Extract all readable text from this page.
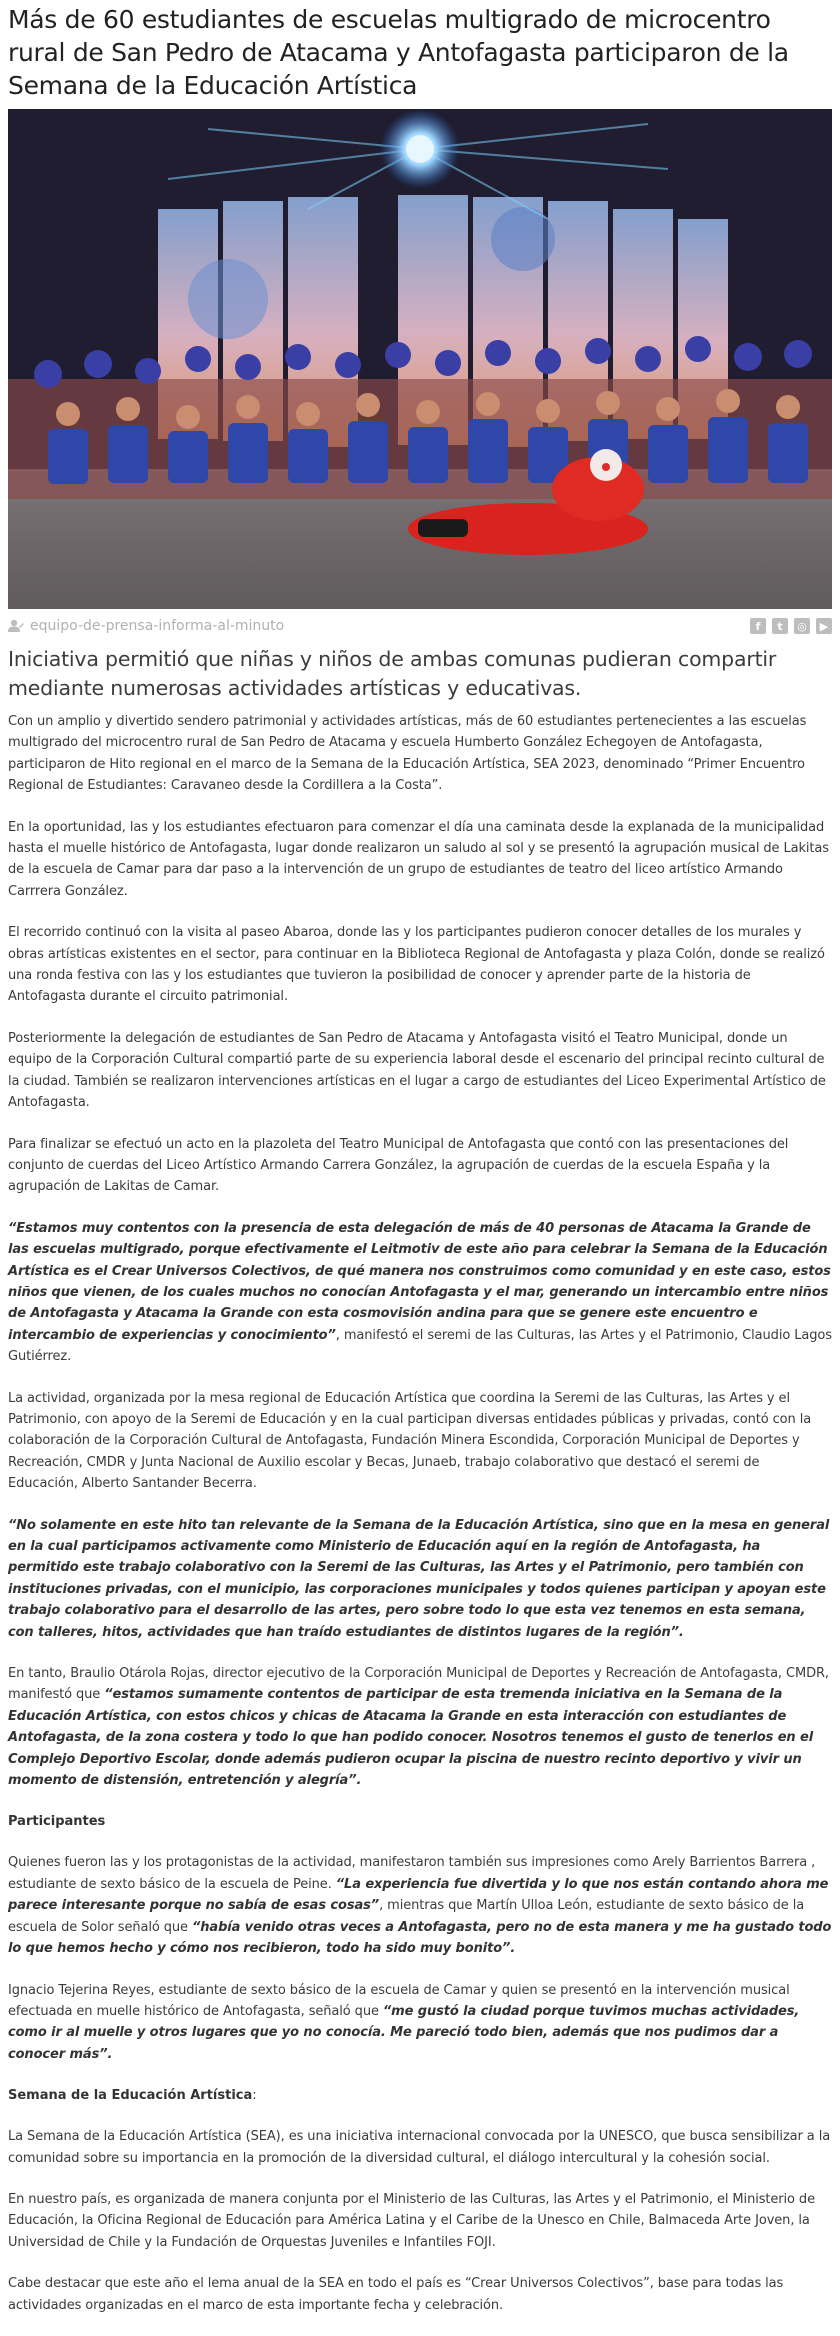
Más de 60 estudiantes de escuelas multigrado de microcentro rural de San Pedro de Atacama y Antofagasta participaron de la Semana de la Educación Artística
equipo-de-prensa-informa-al-minuto	f	t	◎	▶
Iniciativa permitió que niñas y niños de ambas comunas pudieran compartir mediante numerosas actividades artísticas y educativas.

Con un amplio y divertido sendero patrimonial y actividades artísticas, más de 60 estudiantes pertenecientes a las escuelas multigrado del microcentro rural de San Pedro de Atacama y escuela Humberto González Echegoyen de Antofagasta, participaron de Hito regional en el marco de la Semana de la Educación Artística, SEA 2023, denominado “Primer Encuentro Regional de Estudiantes: Caravaneo desde la Cordillera a la Costa”.

En la oportunidad, las y los estudiantes efectuaron para comenzar el día una caminata desde la explanada de la municipalidad hasta el muelle histórico de Antofagasta, lugar donde realizaron un saludo al sol y se presentó la agrupación musical de Lakitas de la escuela de Camar para dar paso a la intervención de un grupo de estudiantes de teatro del liceo artístico Armando Carrrera González.

El recorrido continuó con la visita al paseo Abaroa, donde las y los participantes pudieron conocer detalles de los murales y obras artísticas existentes en el sector, para continuar en la Biblioteca Regional de Antofagasta y plaza Colón, donde se realizó una ronda festiva con las y los estudiantes que tuvieron la posibilidad de conocer y aprender parte de la historia de Antofagasta durante el circuito patrimonial.

Posteriormente la delegación de estudiantes de San Pedro de Atacama y Antofagasta visitó el Teatro Municipal, donde un equipo de la Corporación Cultural compartió parte de su experiencia laboral desde el escenario del principal recinto cultural de la ciudad. También se realizaron intervenciones artísticas en el lugar a cargo de estudiantes del Liceo Experimental Artístico de Antofagasta.

Para finalizar se efectuó un acto en la plazoleta del Teatro Municipal de Antofagasta que contó con las presentaciones del conjunto de cuerdas del Liceo Artístico Armando Carrera González, la agrupación de cuerdas de la escuela España y la agrupación de Lakitas de Camar.

“Estamos muy contentos con la presencia de esta delegación de más de 40 personas de Atacama la Grande de las escuelas multigrado, porque efectivamente el Leitmotiv de este año para celebrar la Semana de la Educación Artística es el Crear Universos Colectivos, de qué manera nos construimos como comunidad y en este caso, estos niños que vienen, de los cuales muchos no conocían Antofagasta y el mar, generando un intercambio entre niños de Antofagasta y Atacama la Grande con esta cosmovisión andina para que se genere este encuentro e intercambio de experiencias y conocimiento”, manifestó el seremi de las Culturas, las Artes y el Patrimonio, Claudio Lagos Gutiérrez.

La actividad, organizada por la mesa regional de Educación Artística que coordina la Seremi de las Culturas, las Artes y el Patrimonio, con apoyo de la Seremi de Educación y en la cual participan diversas entidades públicas y privadas, contó con la colaboración de la Corporación Cultural de Antofagasta, Fundación Minera Escondida, Corporación Municipal de Deportes y Recreación, CMDR y Junta Nacional de Auxilio escolar y Becas, Junaeb, trabajo colaborativo que destacó el seremi de Educación, Alberto Santander Becerra.

“No solamente en este hito tan relevante de la Semana de la Educación Artística, sino que en la mesa en general en la cual participamos activamente como Ministerio de Educación aquí en la región de Antofagasta, ha permitido este trabajo colaborativo con la Seremi de las Culturas, las Artes y el Patrimonio, pero también con instituciones privadas, con el municipio, las corporaciones municipales y todos quienes participan y apoyan este trabajo colaborativo para el desarrollo de las artes, pero sobre todo lo que esta vez tenemos en esta semana, con talleres, hitos, actividades que han traído estudiantes de distintos lugares de la región”.

En tanto, Braulio Otárola Rojas, director ejecutivo de la Corporación Municipal de Deportes y Recreación de Antofagasta, CMDR, manifestó que “estamos sumamente contentos de participar de esta tremenda iniciativa en la Semana de la Educación Artística, con estos chicos y chicas de Atacama la Grande en esta interacción con estudiantes de Antofagasta, de la zona costera y todo lo que han podido conocer. Nosotros tenemos el gusto de tenerlos en el Complejo Deportivo Escolar, donde además pudieron ocupar la piscina de nuestro recinto deportivo y vivir un momento de distensión, entretención y alegría”.

Participantes

Quienes fueron las y los protagonistas de la actividad, manifestaron también sus impresiones como Arely Barrientos Barrera , estudiante de sexto básico de la escuela de Peine. “La experiencia fue divertida y lo que nos están contando ahora me parece interesante porque no sabía de esas cosas”, mientras que Martín Ulloa León, estudiante de sexto básico de la escuela de Solor señaló que “había venido otras veces a Antofagasta, pero no de esta manera y me ha gustado todo lo que hemos hecho y cómo nos recibieron, todo ha sido muy bonito”.

Ignacio Tejerina Reyes, estudiante de sexto básico de la escuela de Camar y quien se presentó en la intervención musical efectuada en muelle histórico de Antofagasta, señaló que “me gustó la ciudad porque tuvimos muchas actividades, como ir al muelle y otros lugares que yo no conocía. Me pareció todo bien, además que nos pudimos dar a conocer más”.

Semana de la Educación Artística:

La Semana de la Educación Artística (SEA), es una iniciativa internacional convocada por la UNESCO, que busca sensibilizar a la comunidad sobre su importancia en la promoción de la diversidad cultural, el diálogo intercultural y la cohesión social.

En nuestro país, es organizada de manera conjunta por el Ministerio de las Culturas, las Artes y el Patrimonio, el Ministerio de Educación, la Oficina Regional de Educación para América Latina y el Caribe de la Unesco en Chile, Balmaceda Arte Joven, la Universidad de Chile y la Fundación de Orquestas Juveniles e Infantiles FOJI.

Cabe destacar que este año el lema anual de la SEA en todo el país es “Crear Universos Colectivos”, base para todas las actividades organizadas en el marco de esta importante fecha y celebración.
